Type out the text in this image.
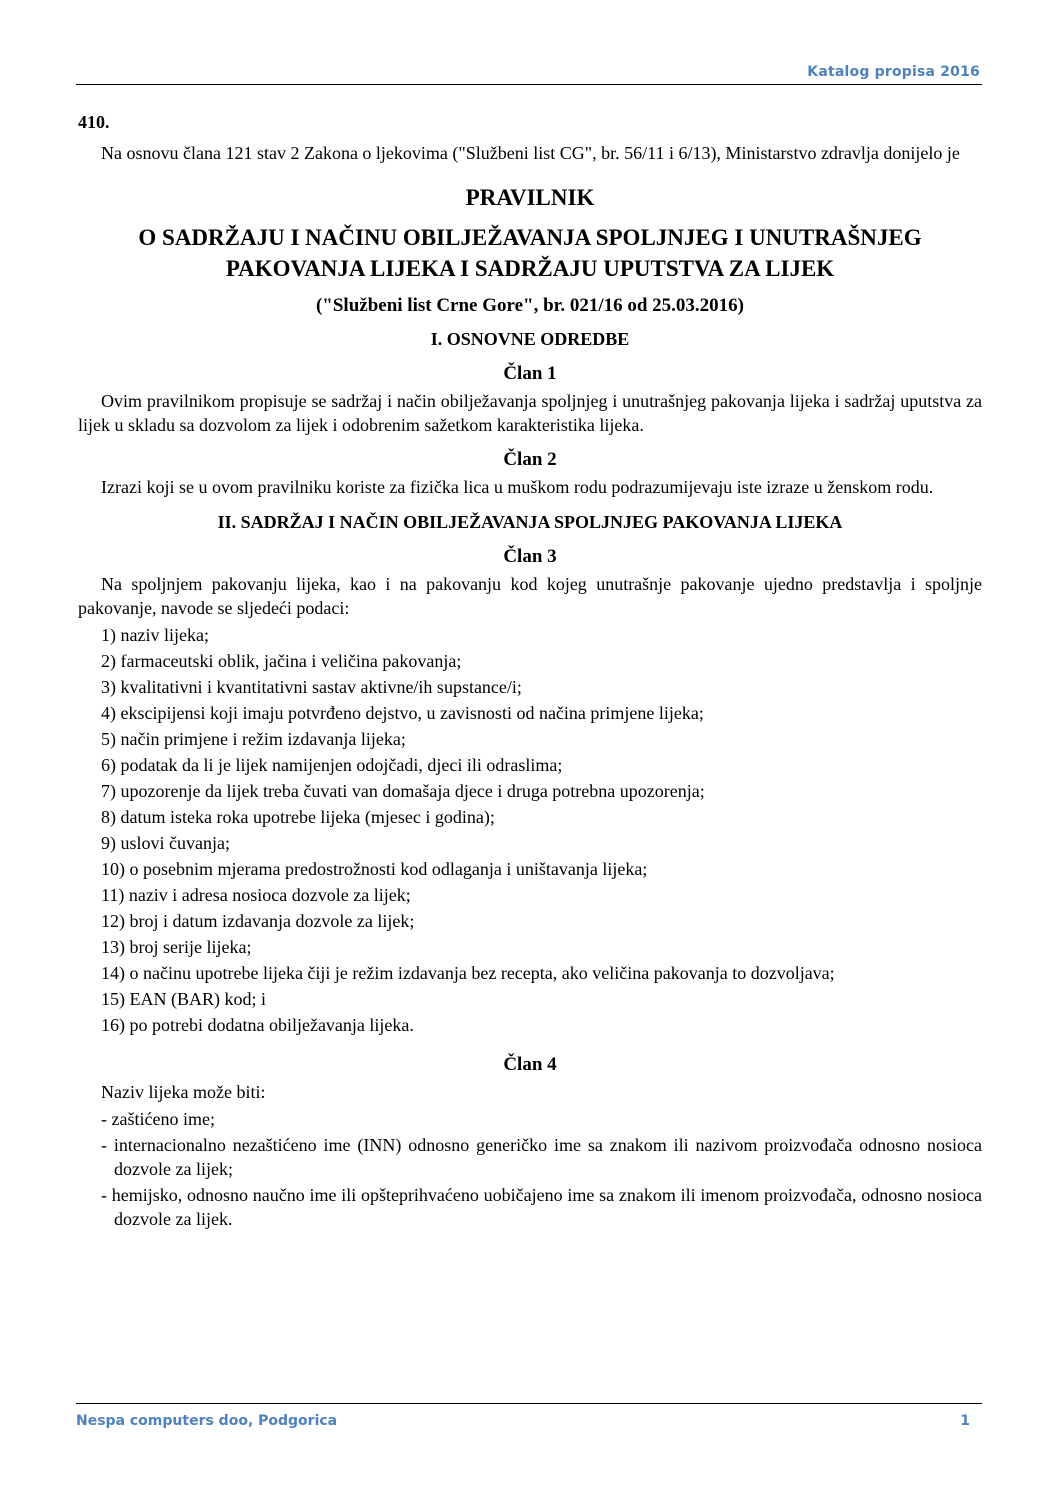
Katalog propisa 2016

410.

Na osnovu člana 121 stav 2 Zakona o ljekovima ("Službeni list CG", br. 56/11 i 6/13), Ministarstvo zdravlja donijelo je

PRAVILNIK

O SADRŽAJU I NAČINU OBILJEŽAVANJA SPOLJNJEG I UNUTRAŠNJEG PAKOVANJA LIJEKA I SADRŽAJU UPUTSTVA ZA LIJEK

("Službeni list Crne Gore", br. 021/16 od 25.03.2016)

I. OSNOVNE ODREDBE

Član 1

Ovim pravilnikom propisuje se sadržaj i način obilježavanja spoljnjeg i unutrašnjeg pakovanja lijeka i sadržaj uputstva za lijek u skladu sa dozvolom za lijek i odobrenim sažetkom karakteristika lijeka.

Član 2

Izrazi koji se u ovom pravilniku koriste za fizička lica u muškom rodu podrazumijevaju iste izraze u ženskom rodu.

II. SADRŽAJ I NAČIN OBILJEŽAVANJA SPOLJNJEG PAKOVANJA LIJEKA

Član 3

Na spoljnjem pakovanju lijeka, kao i na pakovanju kod kojeg unutrašnje pakovanje ujedno predstavlja i spoljnje pakovanje, navode se sljedeći podaci:

1) naziv lijeka;

2) farmaceutski oblik, jačina i veličina pakovanja;

3) kvalitativni i kvantitativni sastav aktivne/ih supstance/i;

4) ekscipijensi koji imaju potvrđeno dejstvo, u zavisnosti od načina primjene lijeka;

5) način primjene i režim izdavanja lijeka;

6) podatak da li je lijek namijenjen odojčadi, djeci ili odraslima;

7) upozorenje da lijek treba čuvati van domašaja djece i druga potrebna upozorenja;

8) datum isteka roka upotrebe lijeka (mjesec i godina);

9) uslovi čuvanja;

10) o posebnim mjerama predostrožnosti kod odlaganja i uništavanja lijeka;

11) naziv i adresa nosioca dozvole za lijek;

12) broj i datum izdavanja dozvole za lijek;

13) broj serije lijeka;

14) o načinu upotrebe lijeka čiji je režim izdavanja bez recepta, ako veličina pakovanja to dozvoljava;

15) EAN (BAR) kod; i

16) po potrebi dodatna obilježavanja lijeka.

Član 4

Naziv lijeka može biti:

- zaštićeno ime;

- internacionalno nezaštićeno ime (INN) odnosno generičko ime sa znakom ili nazivom proizvođača odnosno nosioca dozvole za lijek;

- hemijsko, odnosno naučno ime ili opšteprihvaćeno uobičajeno ime sa znakom ili imenom proizvođača, odnosno nosioca dozvole za lijek.

Nespa computers doo, Podgorica	1
